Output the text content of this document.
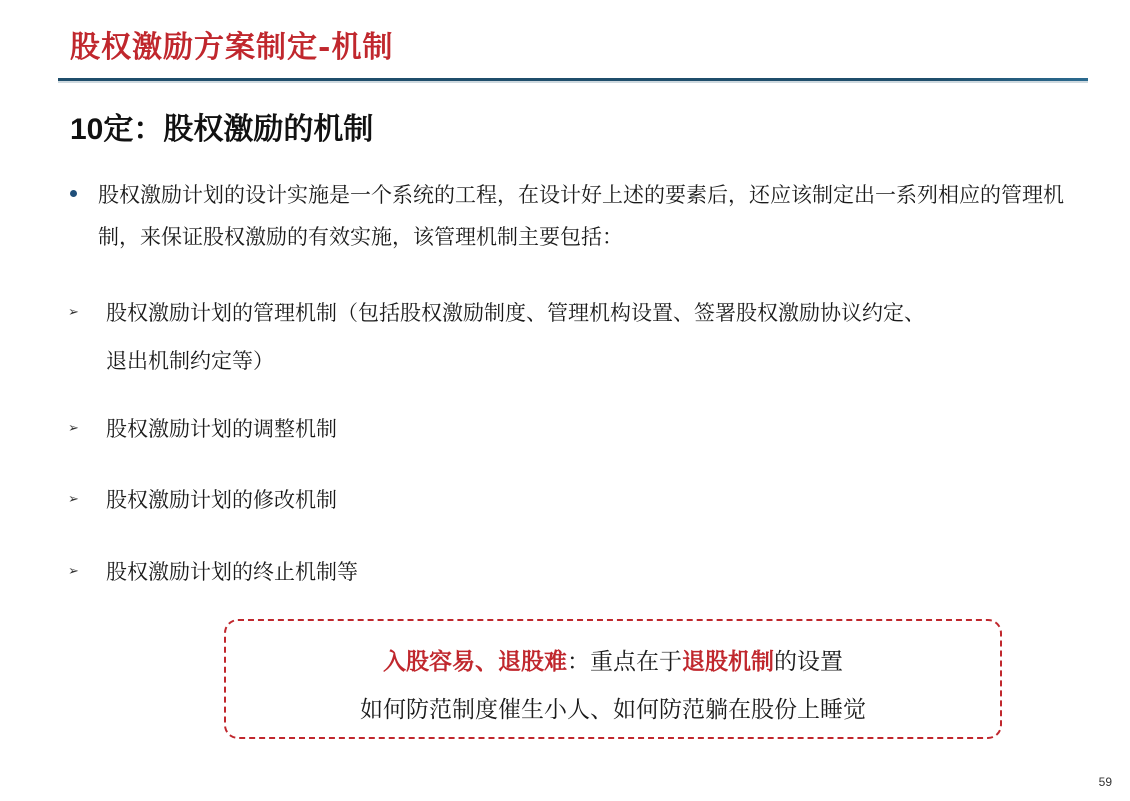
股权激励方案制定-机制
10定：股权激励的机制
股权激励计划的设计实施是一个系统的工程，在设计好上述的要素后，还应该制定出一系列相应的管理机制，来保证股权激励的有效实施，该管理机制主要包括：
➢	股权激励计划的管理机制（包括股权激励制度、管理机构设置、签署股权激励协议约定、
退出机制约定等）
➢	股权激励计划的调整机制
➢	股权激励计划的修改机制
➢	股权激励计划的终止机制等
入股容易、退股难：重点在于退股机制的设置
如何防范制度催生小人、如何防范躺在股份上睡觉
59
